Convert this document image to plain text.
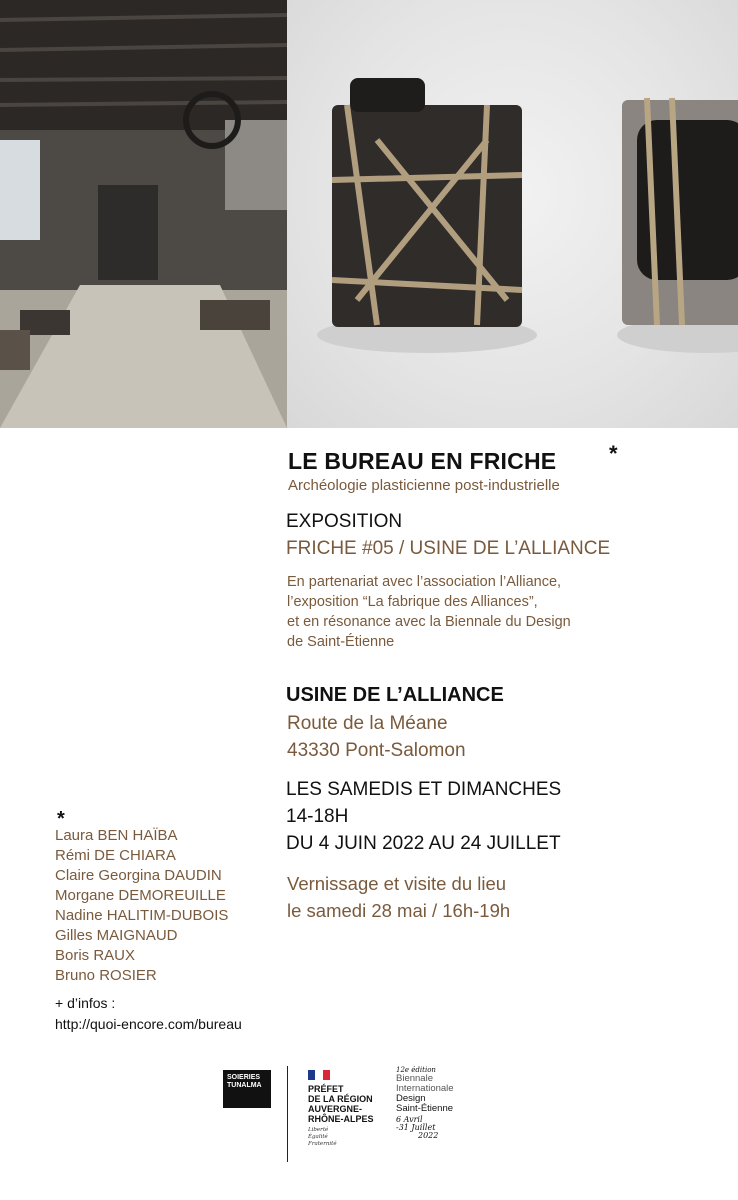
LE BUREAU EN FRICHE *
Archéologie plasticienne post-industrielle
EXPOSITION
FRICHE #05 / USINE DE L’ALLIANCE
En partenariat avec l’association l’Alliance,
l’exposition “La fabrique des Alliances”,
et en résonance avec la Biennale du Design
de Saint-Étienne
USINE DE L’ALLIANCE
Route de la Méane
43330 Pont-Salomon
LES SAMEDIS ET DIMANCHES
14-18H
DU 4 JUIN 2022 AU 24 JUILLET
Vernissage et visite du lieu
le samedi 28 mai / 16h-19h
*
Laura BEN HAÏBA
Rémi DE CHIARA
Claire Georgina DAUDIN
Morgane DEMOREUILLE
Nadine HALITIM-DUBOIS
Gilles MAIGNAUD
Boris RAUX
Bruno ROSIER
+ d’infos :
http://quoi-encore.com/bureau
SOIERIES
TUNALMA	PRÉFET
DE LA RÉGION
AUVERGNE-
RHÔNE-ALPES
Liberté
Égalité
Fraternité
12e édition
Biennale
Internationale
Design
Saint-Étienne
6 Avril
-31 Juillet
2022
